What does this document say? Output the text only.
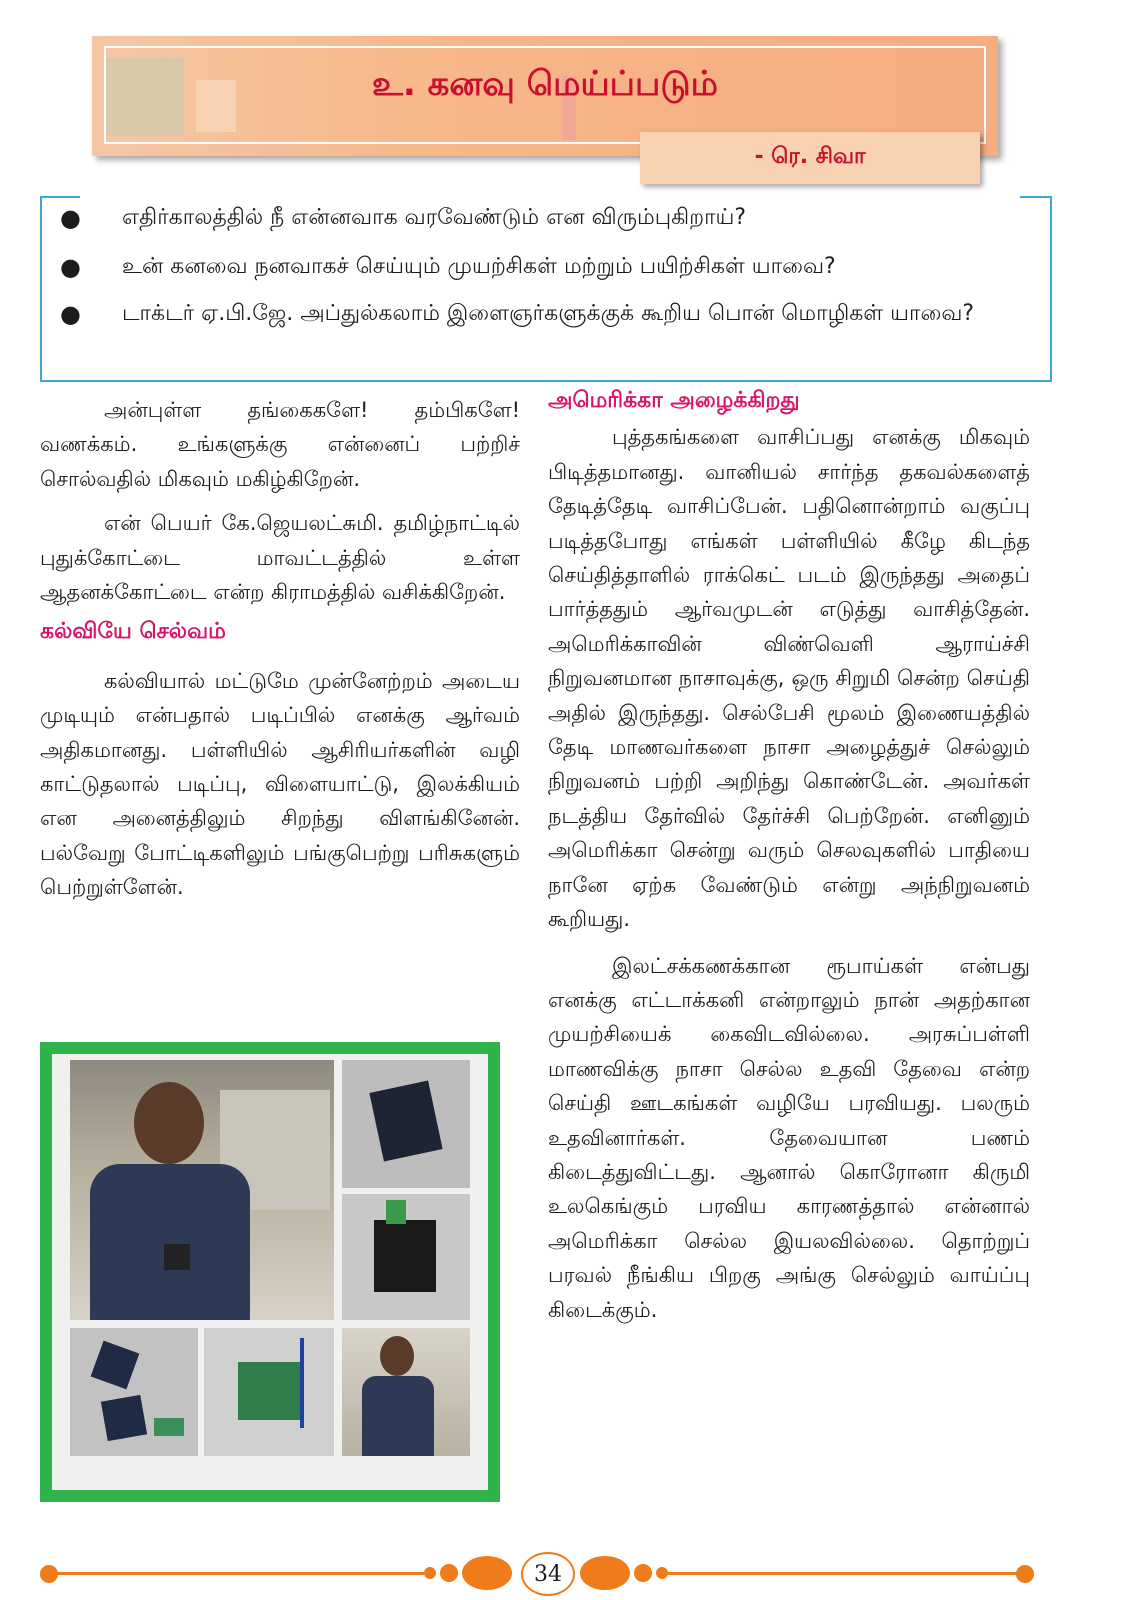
உ. கனவு மெய்ப்படும்
- ரெ. சிவா
● எதிர்காலத்தில் நீ என்னவாக வரவேண்டும் என விரும்புகிறாய்?
● உன் கனவை நனவாகச் செய்யும் முயற்சிகள் மற்றும் பயிற்சிகள் யாவை?
● டாக்டர் ஏ.பி.ஜே. அப்துல்கலாம் இளைஞர்களுக்குக் கூறிய பொன் மொழிகள் யாவை?

அன்புள்ள தங்கைகளே! தம்பிகளே! வணக்கம். உங்களுக்கு என்னைப் பற்றிச் சொல்வதில் மிகவும் மகிழ்கிறேன்.

என் பெயர் கே.ஜெயலட்சுமி. தமிழ்நாட்டில் புதுக்கோட்டை மாவட்டத்தில் உள்ள ஆதனக்கோட்டை என்ற கிராமத்தில் வசிக்கிறேன்.

கல்வியே செல்வம்

கல்வியால் மட்டுமே முன்னேற்றம் அடைய முடியும் என்பதால் படிப்பில் எனக்கு ஆர்வம் அதிகமானது. பள்ளியில் ஆசிரியர்களின் வழி காட்டுதலால் படிப்பு, விளையாட்டு, இலக்கியம் என அனைத்திலும் சிறந்து விளங்கினேன். பல்வேறு போட்டிகளிலும் பங்குபெற்று பரிசுகளும் பெற்றுள்ளேன்.

அமெரிக்கா அழைக்கிறது

புத்தகங்களை வாசிப்பது எனக்கு மிகவும் பிடித்தமானது. வானியல் சார்ந்த தகவல்களைத் தேடித்தேடி வாசிப்பேன். பதினொன்றாம் வகுப்பு படித்தபோது எங்கள் பள்ளியில் கீழே கிடந்த செய்தித்தாளில் ராக்கெட் படம் இருந்தது அதைப் பார்த்ததும் ஆர்வமுடன் எடுத்து வாசித்தேன். அமெரிக்காவின் விண்வெளி ஆராய்ச்சி நிறுவனமான நாசாவுக்கு, ஒரு சிறுமி சென்ற செய்தி அதில் இருந்தது. செல்பேசி மூலம் இணையத்தில் தேடி மாணவர்களை நாசா அழைத்துச் செல்லும் நிறுவனம் பற்றி அறிந்து கொண்டேன். அவர்கள் நடத்திய தேர்வில் தேர்ச்சி பெற்றேன். எனினும் அமெரிக்கா சென்று வரும் செலவுகளில் பாதியை நானே ஏற்க வேண்டும் என்று அந்நிறுவனம் கூறியது.

இலட்சக்கணக்கான ரூபாய்கள் என்பது எனக்கு எட்டாக்கனி என்றாலும் நான் அதற்கான முயற்சியைக் கைவிடவில்லை. அரசுப்பள்ளி மாணவிக்கு நாசா செல்ல உதவி தேவை என்ற செய்தி ஊடகங்கள் வழியே பரவியது. பலரும் உதவினார்கள். தேவையான பணம் கிடைத்துவிட்டது. ஆனால் கொரோனா கிருமி உலகெங்கும் பரவிய காரணத்தால் என்னால் அமெரிக்கா செல்ல இயலவில்லை. தொற்றுப் பரவல் நீங்கிய பிறகு அங்கு செல்லும் வாய்ப்பு கிடைக்கும்.

34
